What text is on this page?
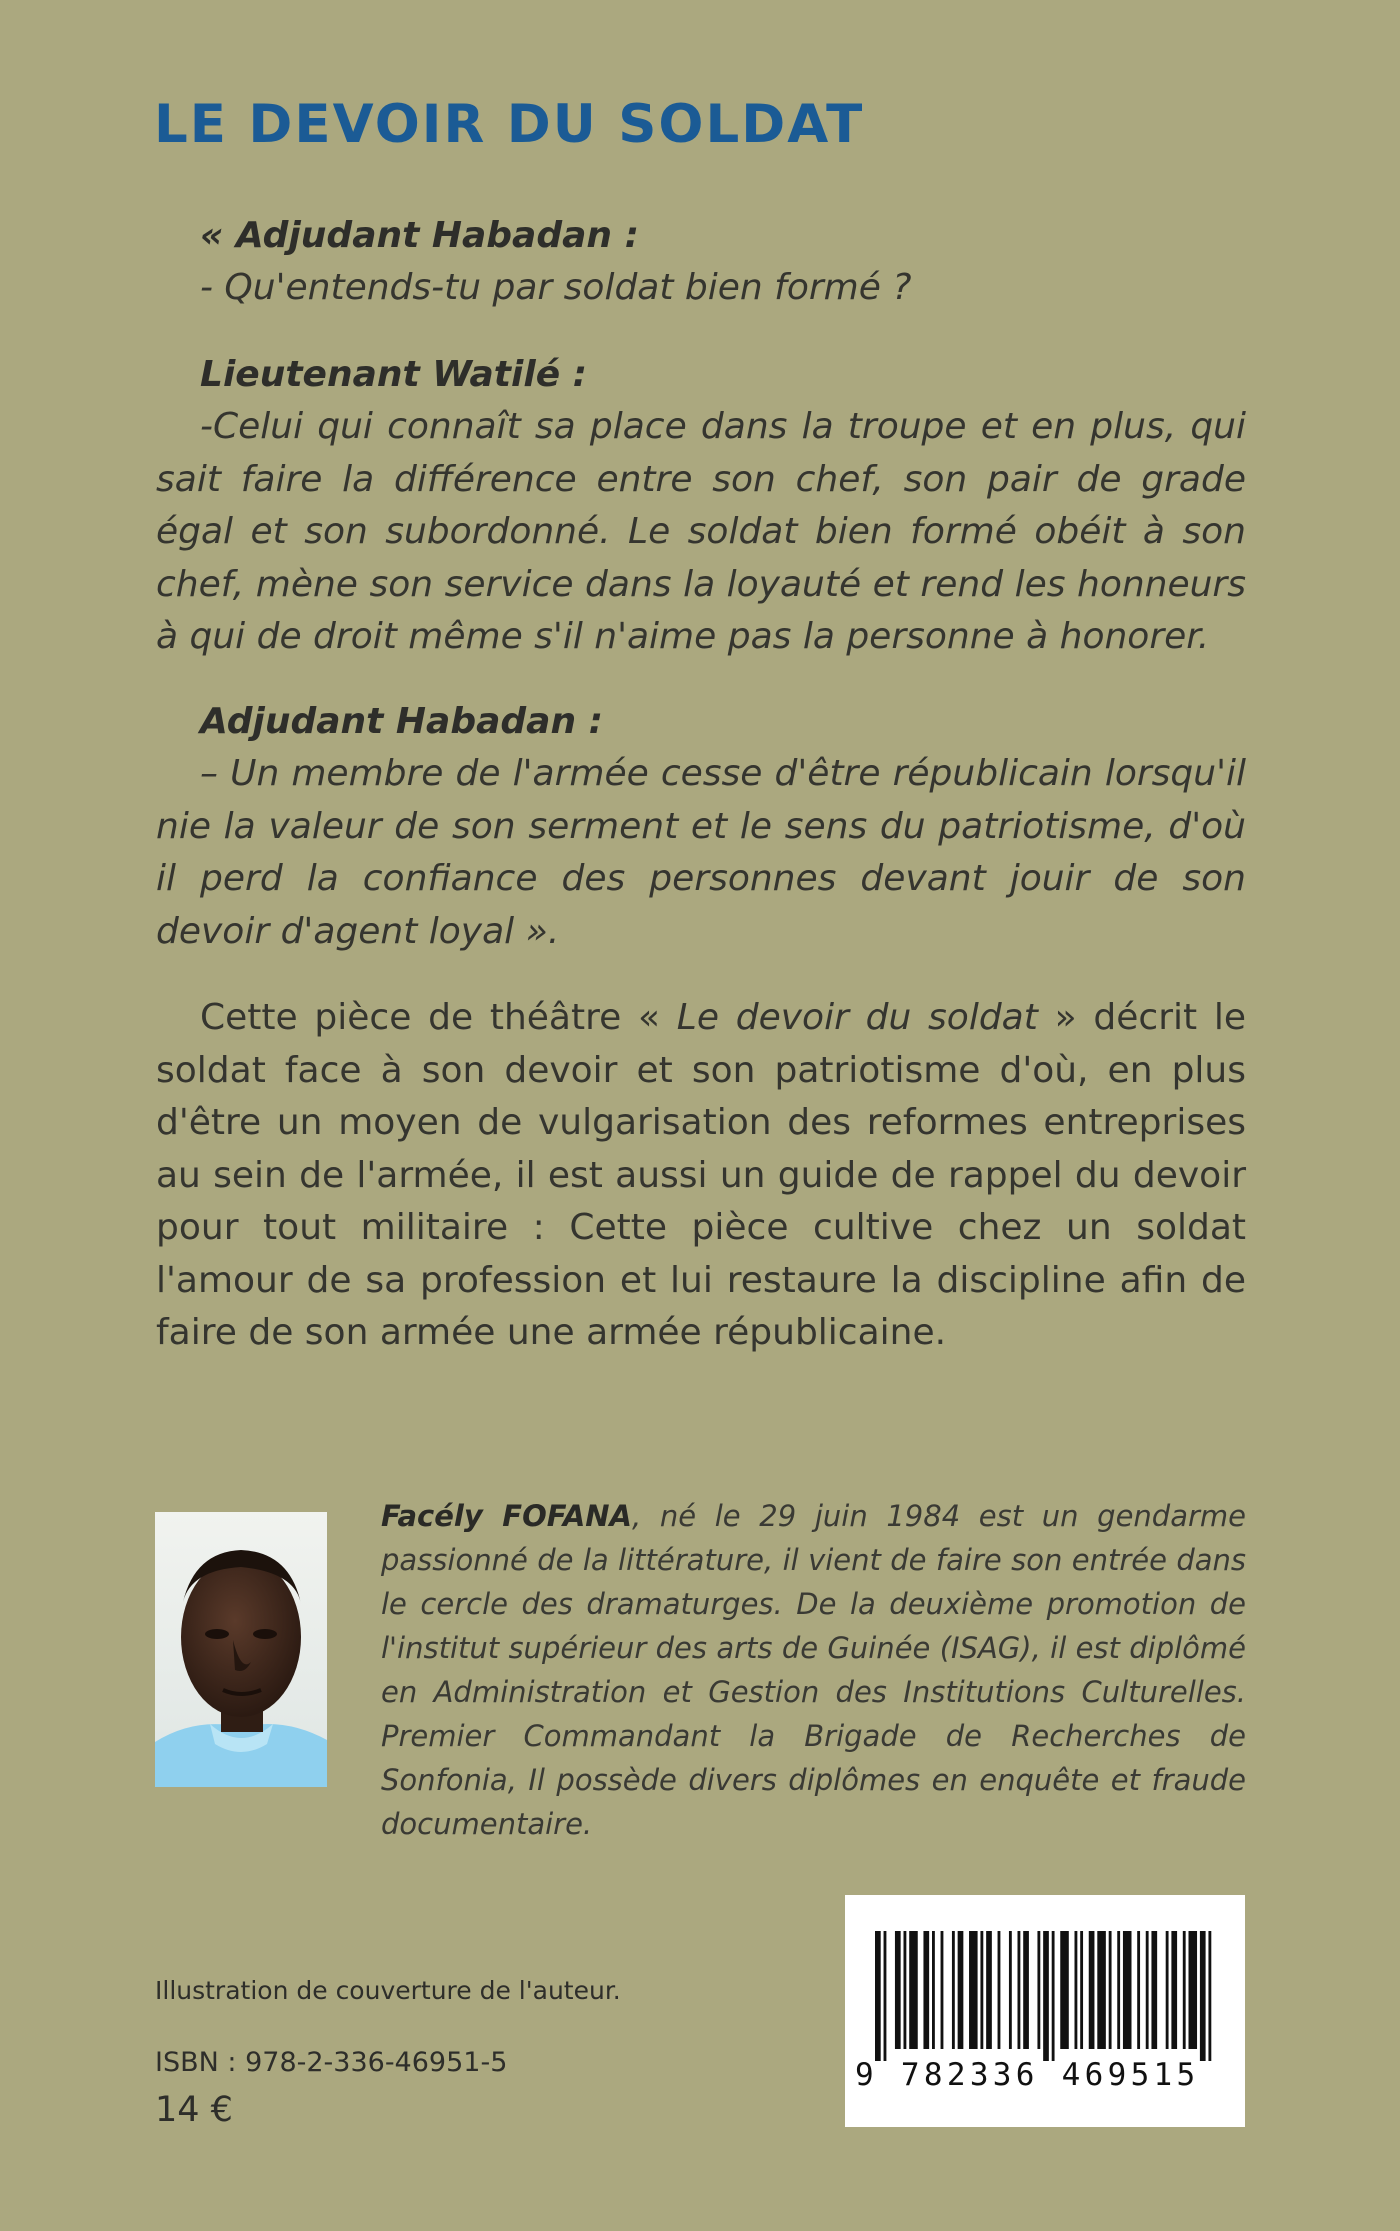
LE DEVOIR DU SOLDAT

« Adjudant Habadan :

- Qu'entends-tu par soldat bien formé ?

Lieutenant Watilé :

-Celui qui connaît sa place dans la troupe et en plus, qui sait faire la différence entre son chef, son pair de grade égal et son subordonné. Le soldat bien formé obéit à son chef, mène son service dans la loyauté et rend les honneurs à qui de droit même s'il n'aime pas la personne à honorer.

Adjudant Habadan :

– Un membre de l'armée cesse d'être républicain lorsqu'il nie la valeur de son serment et le sens du patriotisme, d'où il perd la confiance des personnes devant jouir de son devoir d'agent loyal ».

Cette pièce de théâtre « Le devoir du soldat » décrit le soldat face à son devoir et son patriotisme d'où, en plus d'être un moyen de vulgarisation des reformes entreprises au sein de l'armée, il est aussi un guide de rappel du devoir pour tout militaire : Cette pièce cultive chez un soldat l'amour de sa profession et lui restaure la discipline afin de faire de son armée une armée républicaine.

Facély FOFANA, né le 29 juin 1984 est un gendarme passionné de la littérature, il vient de faire son entrée dans le cercle des dramaturges. De la deuxième promotion de l'institut supérieur des arts de Guinée (ISAG), il est diplômé en Administration et Gestion des Institutions Culturelles. Premier Commandant la Brigade de Recherches de Sonfonia, Il possède divers diplômes en enquête et fraude documentaire.

Illustration de couverture de l'auteur.

ISBN : 978-2-336-46951-5

14 €

9 782336 469515
